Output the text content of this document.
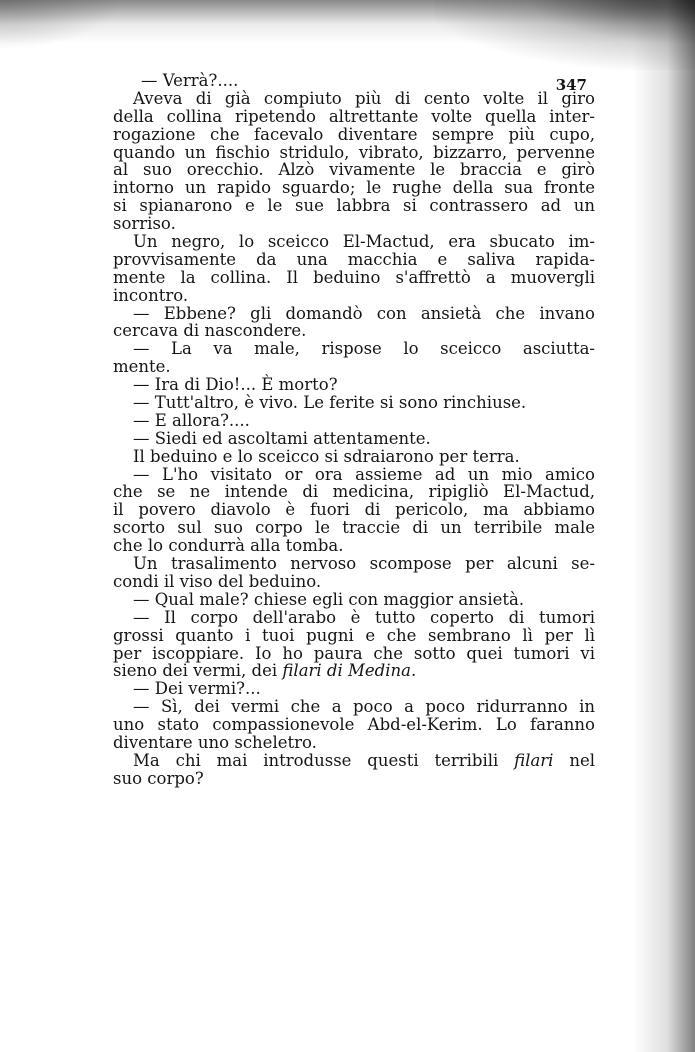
347
— Verrà?....
Aveva di già compiuto più di cento volte il giro
della collina ripetendo altrettante volte quella inter-
rogazione che facevalo diventare sempre più cupo,
quando un fischio stridulo, vibrato, bizzarro, pervenne
al suo orecchio. Alzò vivamente le braccia e girò
intorno un rapido sguardo; le rughe della sua fronte
si spianarono e le sue labbra si contrassero ad un
sorriso.
Un negro, lo sceicco El-Mactud, era sbucato im-
provvisamente da una macchia e saliva rapida-
mente la collina. Il beduino s'affrettò a muovergli
incontro.
— Ebbene? gli domandò con ansietà che invano
cercava di nascondere.
— La va male, rispose lo sceicco asciutta-
mente.
— Ira di Dio!... È morto?
— Tutt'altro, è vivo. Le ferite si sono rinchiuse.
— E allora?....
— Siedi ed ascoltami attentamente.
Il beduino e lo sceicco si sdraiarono per terra.
— L'ho visitato or ora assieme ad un mio amico
che se ne intende di medicina, ripigliò El-Mactud,
il povero diavolo è fuori di pericolo, ma abbiamo
scorto sul suo corpo le traccie di un terribile male
che lo condurrà alla tomba.
Un trasalimento nervoso scompose per alcuni se-
condi il viso del beduino.
— Qual male? chiese egli con maggior ansietà.
— Il corpo dell'arabo è tutto coperto di tumori
grossi quanto i tuoi pugni e che sembrano lì per lì
per iscoppiare. Io ho paura che sotto quei tumori vi
sieno dei vermi, dei filari di Medina.
— Dei vermi?...
— Sì, dei vermi che a poco a poco ridurranno in
uno stato compassionevole Abd-el-Kerim. Lo faranno
diventare uno scheletro.
Ma chi mai introdusse questi terribili filari nel
suo corpo?
